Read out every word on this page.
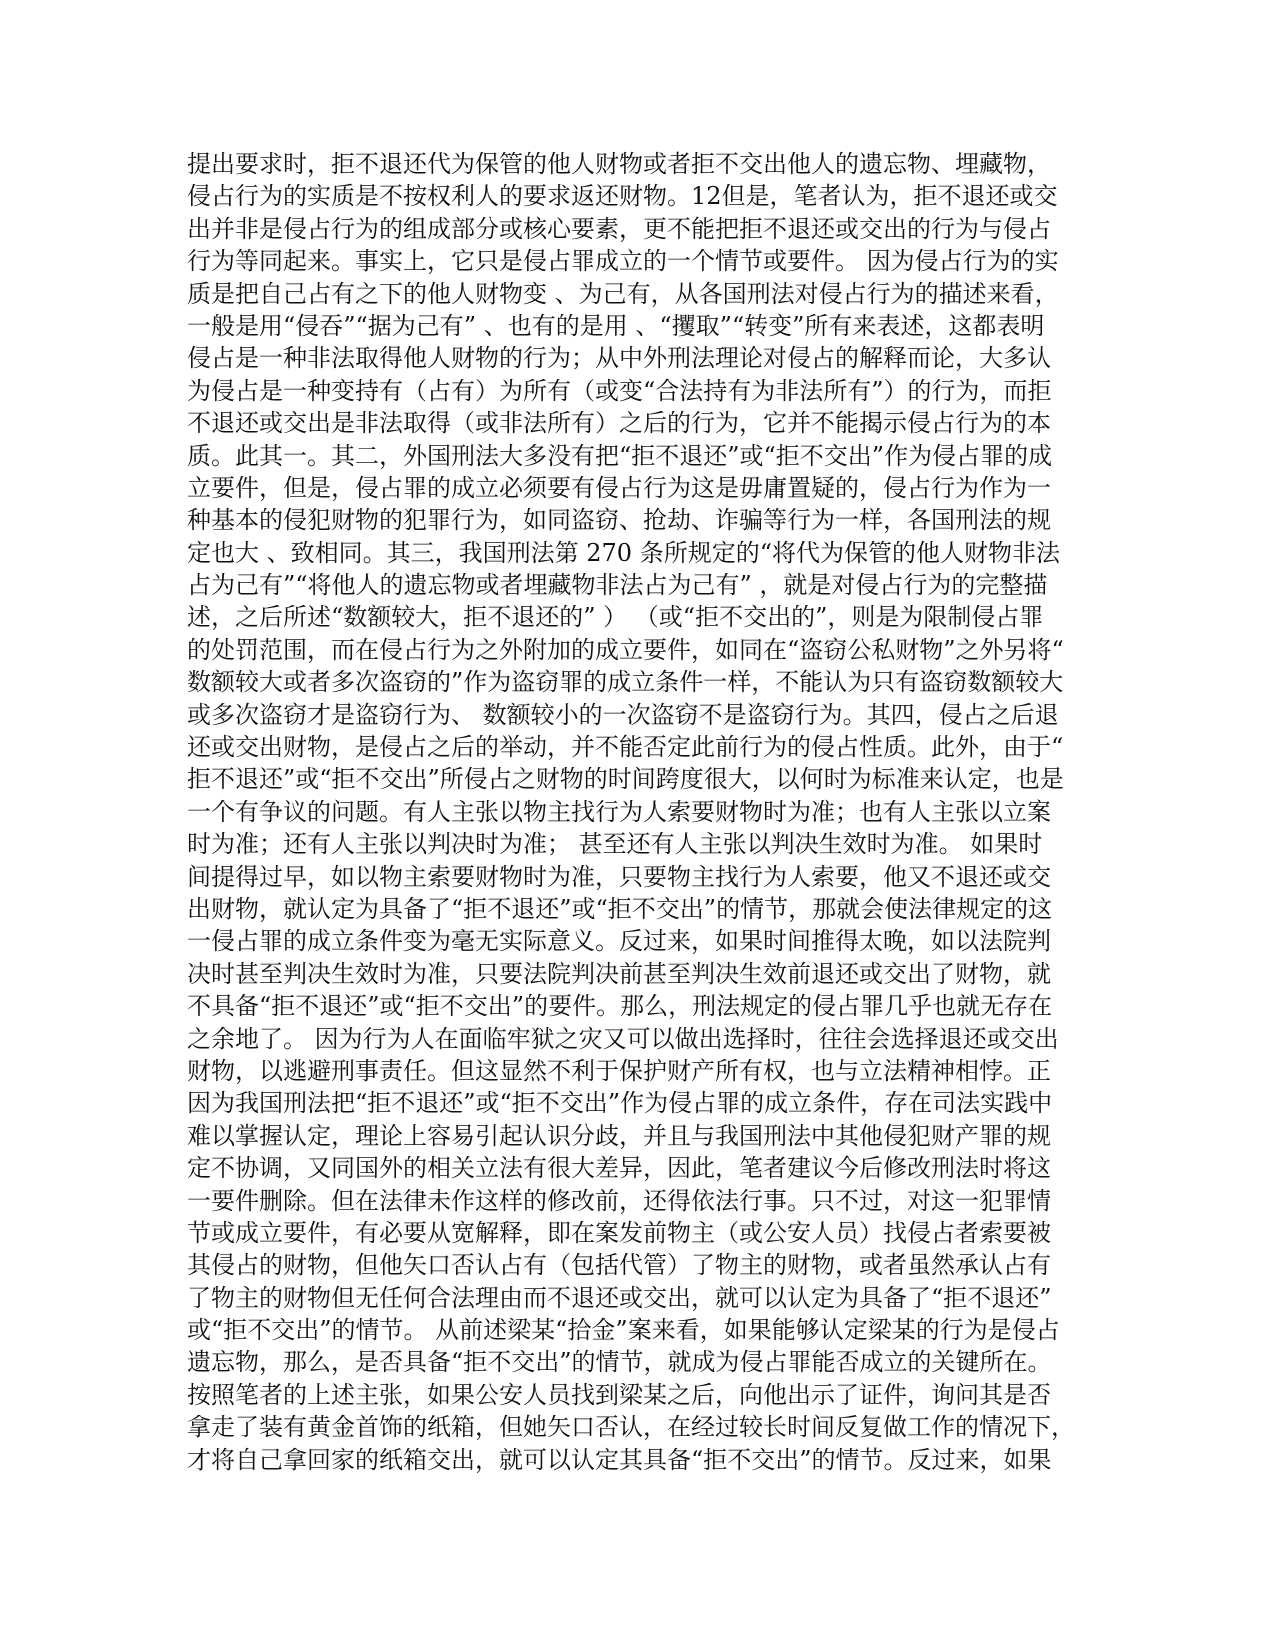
提出要求时，拒不退还代为保管的他人财物或者拒不交出他人的遗忘物、埋藏物，
侵占行为的实质是不按权利人的要求返还财物。12但是，笔者认为，拒不退还或交
出并非是侵占行为的组成部分或核心要素，更不能把拒不退还或交出的行为与侵占
行为等同起来。事实上，它只是侵占罪成立的一个情节或要件。 因为侵占行为的实
质是把自己占有之下的他人财物变 、为己有，从各国刑法对侵占行为的描述来看，
一般是用“侵吞”“据为己有” 、也有的是用 、“攫取”“转变”所有来表述，这都表明
侵占是一种非法取得他人财物的行为；从中外刑法理论对侵占的解释而论，大多认
为侵占是一种变持有（占有）为所有（或变“合法持有为非法所有”）的行为，而拒
不退还或交出是非法取得（或非法所有）之后的行为，它并不能揭示侵占行为的本
质。此其一。其二，外国刑法大多没有把“拒不退还”或“拒不交出”作为侵占罪的成
立要件，但是，侵占罪的成立必须要有侵占行为这是毋庸置疑的，侵占行为作为一
种基本的侵犯财物的犯罪行为，如同盗窃、抢劫、诈骗等行为一样，各国刑法的规
定也大 、致相同。其三，我国刑法第 270 条所规定的“将代为保管的他人财物非法
占为己有”“将他人的遗忘物或者埋藏物非法占为己有” ，就是对侵占行为的完整描
述，之后所述“数额较大，拒不退还的” ） （或“拒不交出的”，则是为限制侵占罪
的处罚范围，而在侵占行为之外附加的成立要件，如同在“盗窃公私财物”之外另将“
数额较大或者多次盗窃的”作为盗窃罪的成立条件一样，不能认为只有盗窃数额较大
或多次盗窃才是盗窃行为、 数额较小的一次盗窃不是盗窃行为。其四，侵占之后退
还或交出财物，是侵占之后的举动，并不能否定此前行为的侵占性质。此外，由于“
拒不退还”或“拒不交出”所侵占之财物的时间跨度很大，以何时为标准来认定，也是
一个有争议的问题。有人主张以物主找行为人索要财物时为准；也有人主张以立案
时为准；还有人主张以判决时为准； 甚至还有人主张以判决生效时为准。 如果时
间提得过早，如以物主索要财物时为准，只要物主找行为人索要，他又不退还或交
出财物，就认定为具备了“拒不退还”或“拒不交出”的情节，那就会使法律规定的这
一侵占罪的成立条件变为毫无实际意义。反过来，如果时间推得太晚，如以法院判
决时甚至判决生效时为准，只要法院判决前甚至判决生效前退还或交出了财物，就
不具备“拒不退还”或“拒不交出”的要件。那么，刑法规定的侵占罪几乎也就无存在
之余地了。 因为行为人在面临牢狱之灾又可以做出选择时，往往会选择退还或交出
财物，以逃避刑事责任。但这显然不利于保护财产所有权，也与立法精神相悖。正
因为我国刑法把“拒不退还”或“拒不交出”作为侵占罪的成立条件，存在司法实践中
难以掌握认定，理论上容易引起认识分歧，并且与我国刑法中其他侵犯财产罪的规
定不协调，又同国外的相关立法有很大差异，因此，笔者建议今后修改刑法时将这
一要件删除。但在法律未作这样的修改前，还得依法行事。只不过，对这一犯罪情
节或成立要件，有必要从宽解释，即在案发前物主（或公安人员）找侵占者索要被
其侵占的财物，但他矢口否认占有（包括代管）了物主的财物，或者虽然承认占有
了物主的财物但无任何合法理由而不退还或交出，就可以认定为具备了“拒不退还”
或“拒不交出”的情节。 从前述梁某“拾金”案来看，如果能够认定梁某的行为是侵占
遗忘物，那么，是否具备“拒不交出”的情节，就成为侵占罪能否成立的关键所在。
按照笔者的上述主张，如果公安人员找到梁某之后，向他出示了证件，询问其是否
拿走了装有黄金首饰的纸箱，但她矢口否认，在经过较长时间反复做工作的情况下，
才将自己拿回家的纸箱交出，就可以认定其具备“拒不交出”的情节。反过来，如果
